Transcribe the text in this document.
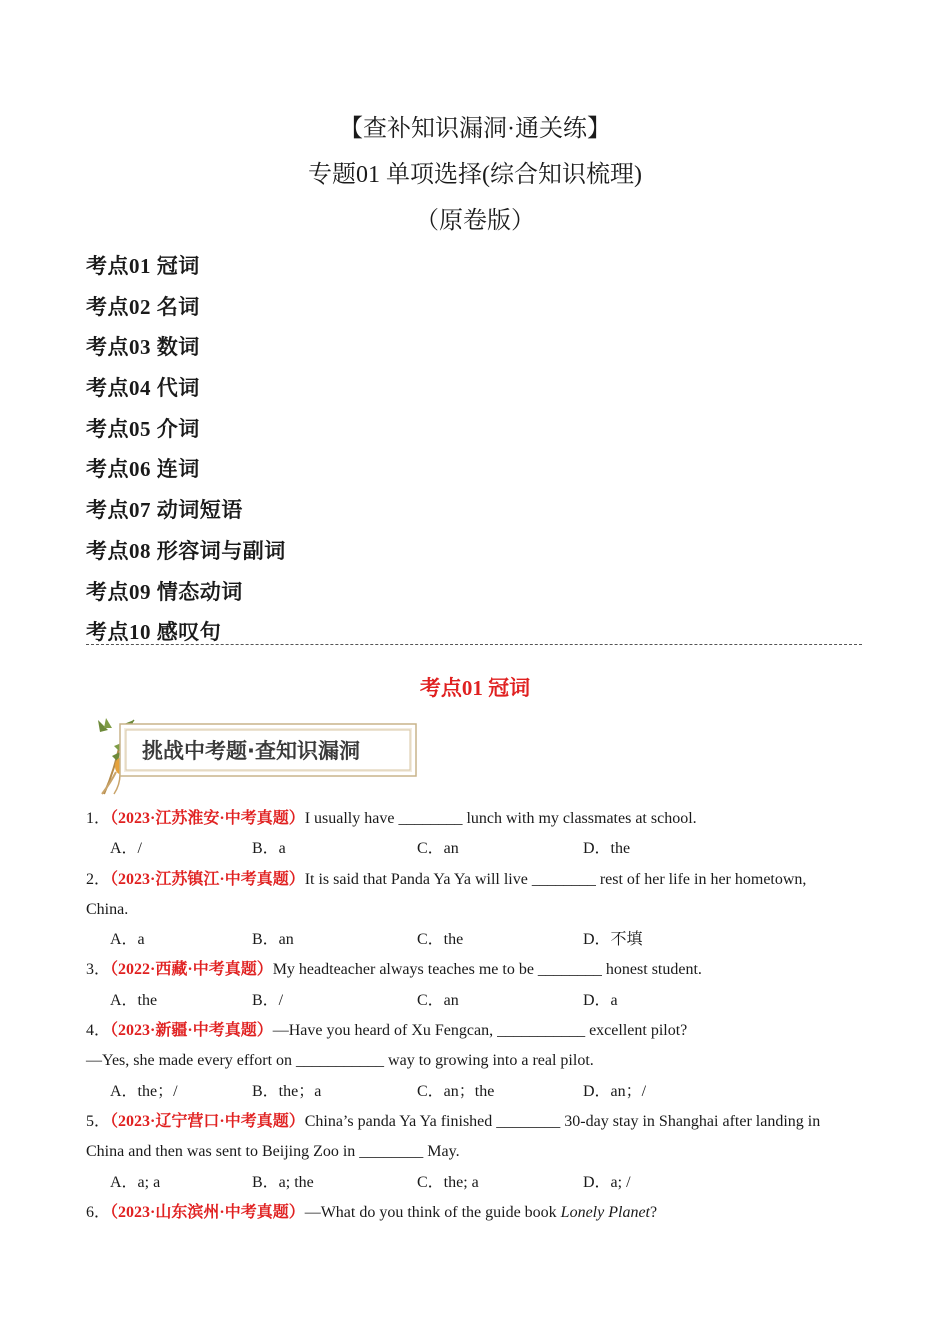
【查补知识漏洞·通关练】
专题01 单项选择(综合知识梳理)
（原卷版）
考点01 冠词
考点02 名词
考点03 数词
考点04 代词
考点05 介词
考点06 连词
考点07 动词短语
考点08 形容词与副词
考点09 情态动词
考点10 感叹句
考点01 冠词
挑战中考题·查知识漏洞
1．（2023·江苏淮安·中考真题）I usually have ________ lunch with my classmates at school.
A．/	B．a	C．an	D．the
2．（2023·江苏镇江·中考真题）It is said that Panda Ya Ya will live ________ rest of her life in her hometown,
China.
A．a	B．an	C．the	D．不填
3．（2022·西藏·中考真题）My headteacher always teaches me to be ________ honest student.
A．the	B．/	C．an	D．a
4．（2023·新疆·中考真题）—Have you heard of Xu Fengcan, ___________ excellent pilot?
—Yes, she made every effort on ___________ way to growing into a real pilot.
A．the；/	B．the；a	C．an；the	D．an；/
5．（2023·辽宁营口·中考真题）China’s panda Ya Ya finished ________ 30-day stay in Shanghai after landing in
China and then was sent to Beijing Zoo in ________ May.
A．a; a	B．a; the	C．the; a	D．a; /
6．（2023·山东滨州·中考真题）—What do you think of the guide book Lonely Planet?
